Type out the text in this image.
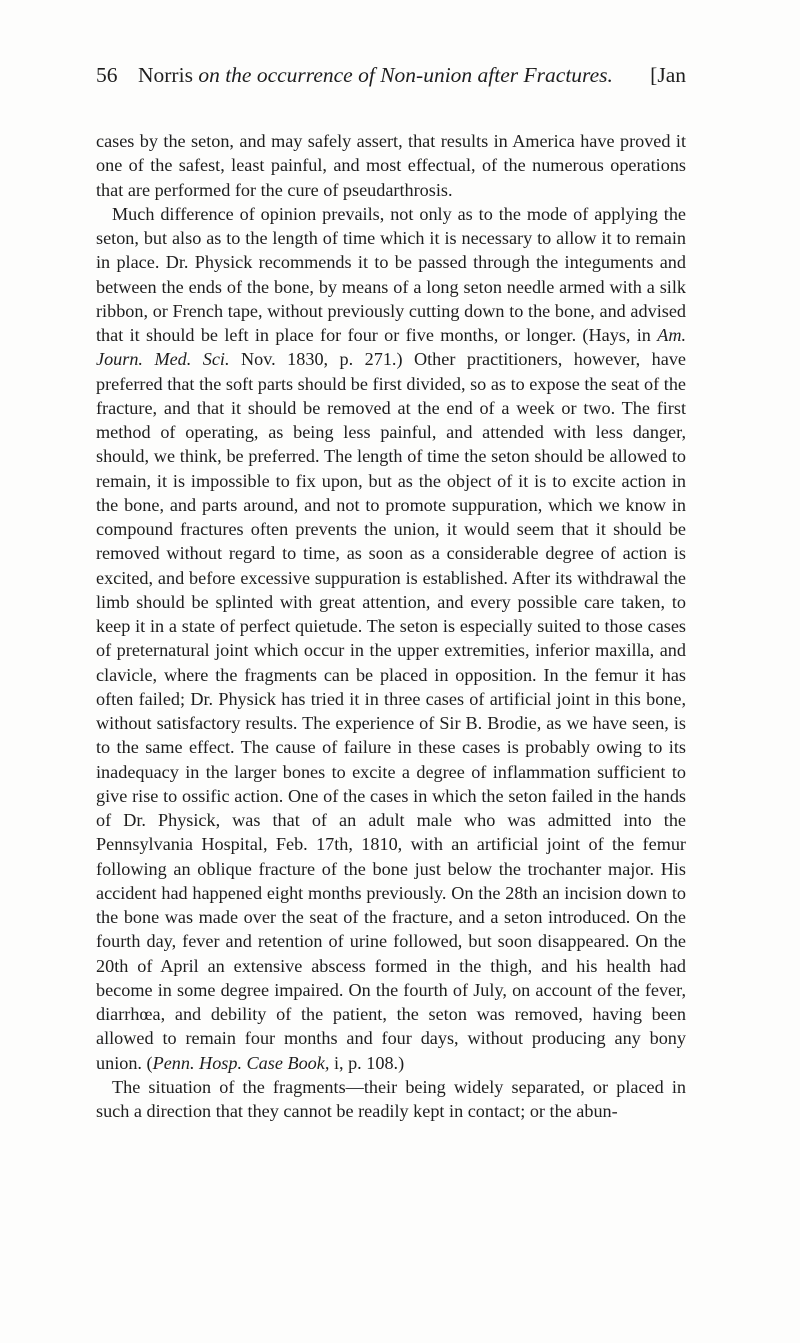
56 Norris on the occurrence of Non-union after Fractures. [Jan

cases by the seton, and may safely assert, that results in America have proved it one of the safest, least painful, and most effectual, of the numerous operations that are performed for the cure of pseudarthrosis.

Much difference of opinion prevails, not only as to the mode of applying the seton, but also as to the length of time which it is necessary to allow it to remain in place. Dr. Physick recommends it to be passed through the integuments and between the ends of the bone, by means of a long seton needle armed with a silk ribbon, or French tape, without previously cutting down to the bone, and advised that it should be left in place for four or five months, or longer. (Hays, in Am. Journ. Med. Sci. Nov. 1830, p. 271.) Other practitioners, however, have preferred that the soft parts should be first divided, so as to expose the seat of the fracture, and that it should be removed at the end of a week or two. The first method of operating, as being less painful, and attended with less danger, should, we think, be preferred. The length of time the seton should be allowed to remain, it is impossible to fix upon, but as the object of it is to excite action in the bone, and parts around, and not to promote suppuration, which we know in compound fractures often prevents the union, it would seem that it should be removed without regard to time, as soon as a considerable degree of action is excited, and before excessive suppuration is established. After its withdrawal the limb should be splinted with great attention, and every possible care taken, to keep it in a state of perfect quietude. The seton is especially suited to those cases of preternatural joint which occur in the upper extremities, inferior maxilla, and clavicle, where the fragments can be placed in opposition. In the femur it has often failed; Dr. Physick has tried it in three cases of artificial joint in this bone, without satisfactory results. The experience of Sir B. Brodie, as we have seen, is to the same effect. The cause of failure in these cases is probably owing to its inadequacy in the larger bones to excite a degree of inflammation sufficient to give rise to ossific action. One of the cases in which the seton failed in the hands of Dr. Physick, was that of an adult male who was admitted into the Pennsylvania Hospital, Feb. 17th, 1810, with an artificial joint of the femur following an oblique fracture of the bone just below the trochanter major. His accident had happened eight months previously. On the 28th an incision down to the bone was made over the seat of the fracture, and a seton introduced. On the fourth day, fever and retention of urine followed, but soon disappeared. On the 20th of April an extensive abscess formed in the thigh, and his health had become in some degree impaired. On the fourth of July, on account of the fever, diarrhœa, and debility of the patient, the seton was removed, having been allowed to remain four months and four days, without producing any bony union. (Penn. Hosp. Case Book, i, p. 108.)

The situation of the fragments—their being widely separated, or placed in such a direction that they cannot be readily kept in contact; or the abun-
